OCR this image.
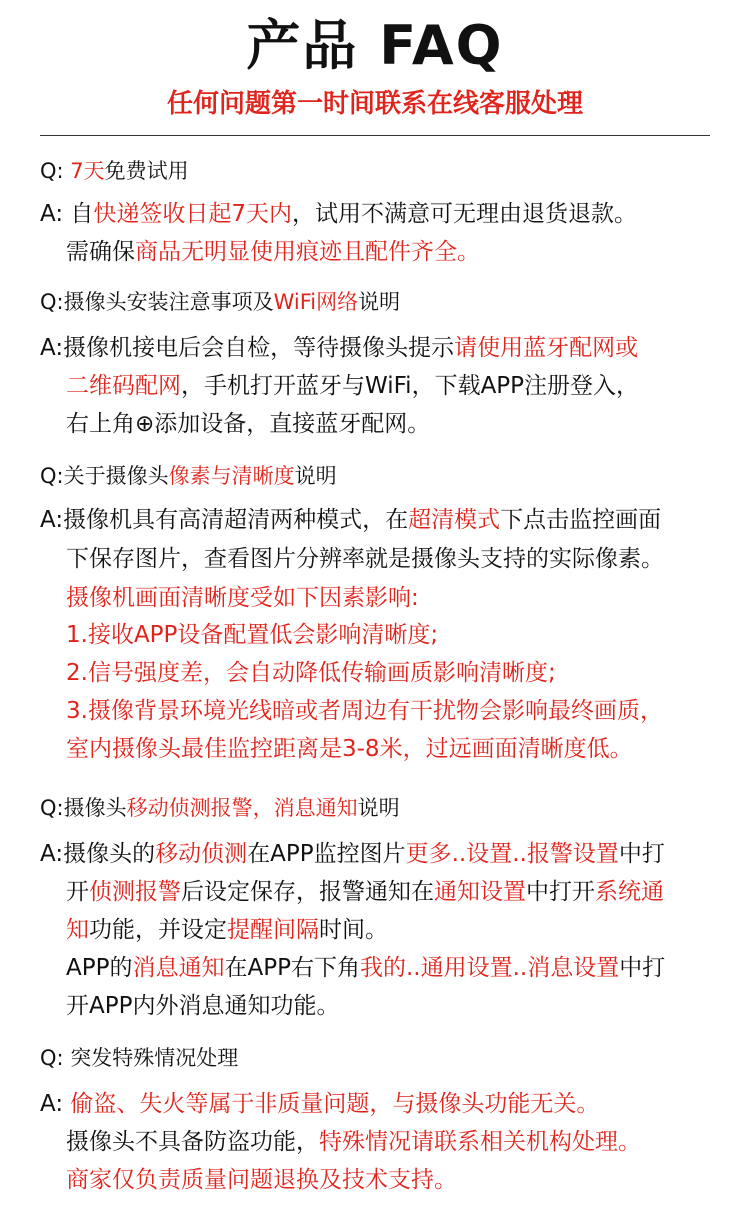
产品 FAQ
任何问题第一时间联系在线客服处理
Q: 7天免费试用
A: 自快递签收日起7天内，试用不满意可无理由退货退款。
需确保商品无明显使用痕迹且配件齐全。
Q:摄像头安装注意事项及WiFi网络说明
A:摄像机接电后会自检，等待摄像头提示请使用蓝牙配网或
二维码配网，手机打开蓝牙与WiFi，下载APP注册登入，
右上角⊕添加设备，直接蓝牙配网。
Q:关于摄像头像素与清晰度说明
A:摄像机具有高清超清两种模式，在超清模式下点击监控画面
下保存图片，查看图片分辨率就是摄像头支持的实际像素。
摄像机画面清晰度受如下因素影响:
1.接收APP设备配置低会影响清晰度;
2.信号强度差，会自动降低传输画质影响清晰度;
3.摄像背景环境光线暗或者周边有干扰物会影响最终画质，
室内摄像头最佳监控距离是3-8米，过远画面清晰度低。
Q:摄像头移动侦测报警，消息通知说明
A:摄像头的移动侦测在APP监控图片更多..设置..报警设置中打
开侦测报警后设定保存，报警通知在通知设置中打开系统通
知功能，并设定提醒间隔时间。
APP的消息通知在APP右下角我的..通用设置..消息设置中打
开APP内外消息通知功能。
Q: 突发特殊情况处理
A: 偷盗、失火等属于非质量问题，与摄像头功能无关。
摄像头不具备防盗功能，特殊情况请联系相关机构处理。
商家仅负责质量问题退换及技术支持。
